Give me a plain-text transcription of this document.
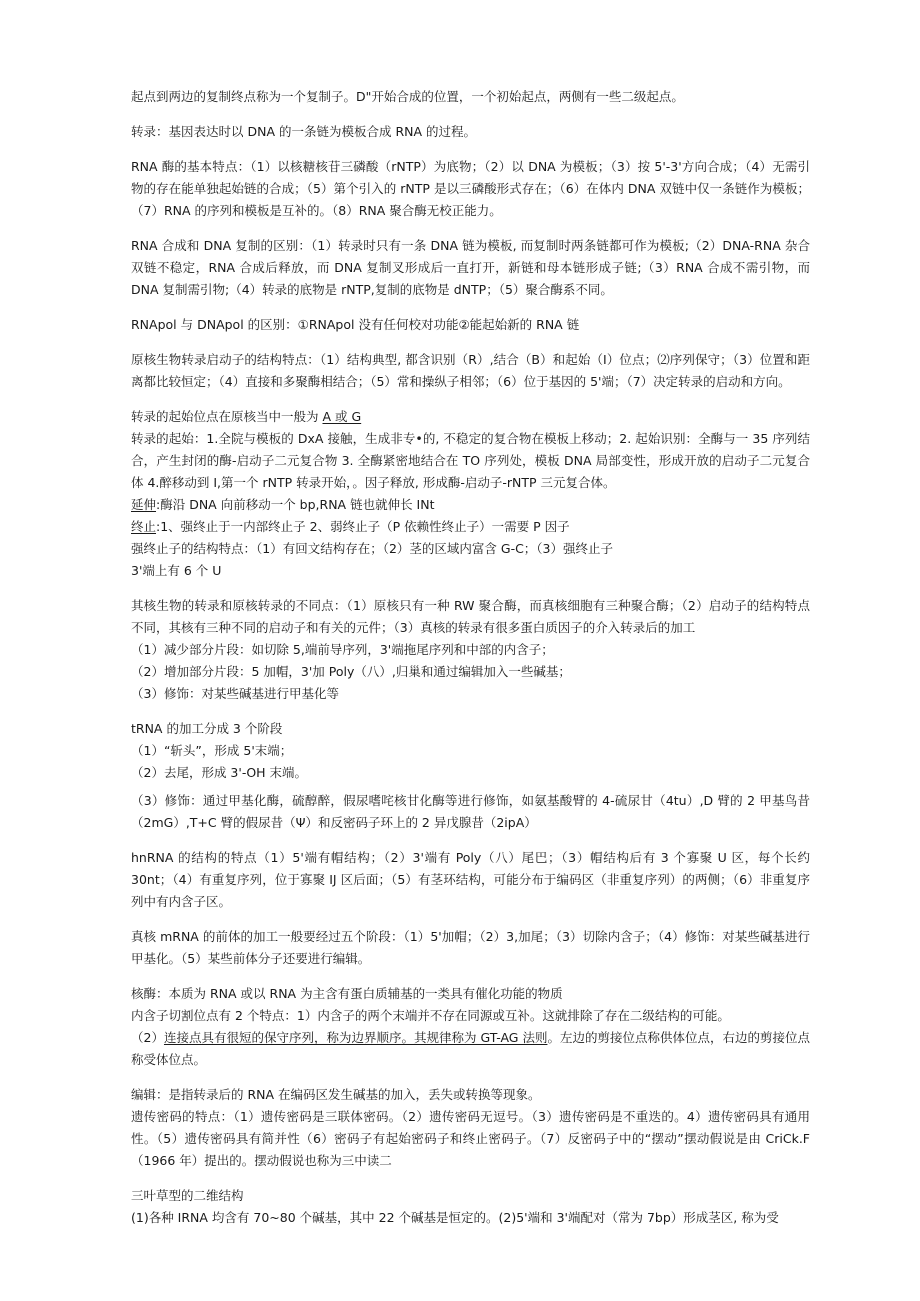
起点到两边的复制终点称为一个复制子。D"开始合成的位置，一个初始起点，两侧有一些二级起点。

转录：基因表达时以 DNA 的一条链为模板合成 RNA 的过程。

RNA 酶的基本特点：（1）以核糖核苷三磷酸（rNTP）为底物；（2）以 DNA 为模板；（3）按 5'-3'方向合成；（4）无需引物的存在能单独起始链的合成；（5）第个引入的 rNTP 是以三磷酸形式存在；（6）在体内 DNA 双链中仅一条链作为模板；（7）RNA 的序列和模板是互补的。（8）RNA 聚合酶无校正能力。

RNA 合成和 DNA 复制的区别：（1）转录时只有一条 DNA 链为模板, 而复制时两条链都可作为模板;（2）DNA-RNA 杂合双链不稳定，RNA 合成后释放，而 DNA 复制叉形成后一直打开，新链和母本链形成子链;（3）RNA 合成不需引物，而 DNA 复制需引物;（4）转录的底物是 rNTP,复制的底物是 dNTP；（5）聚合酶系不同。

RNApol 与 DNApol 的区别：①RNApol 没有任何校对功能②能起始新的 RNA 链

原核生物转录启动子的结构特点：（1）结构典型, 都含识别（R）,结合（B）和起始（I）位点；⑵序列保守；（3）位置和距离都比较恒定；（4）直接和多聚酶相结合；（5）常和操纵子相邻；（6）位于基因的 5'端；（7）决定转录的启动和方向。

转录的起始位点在原核当中一般为 A 或 G

转录的起始：1.全院与模板的 DxA 接触，生成非专•的, 不稳定的复合物在模板上移动；2. 起始识别：全酶与一 35 序列结合，产生封闭的酶-启动子二元复合物 3. 全酶紧密地结合在 TO 序列处，模板 DNA 局部变性，形成开放的启动子二元复合体 4.醉移动到 I,第一个 rNTP 转录开始，。因子释放, 形成酶-启动子-rNTP 三元复合体。

延伸:酶沿 DNA 向前移动一个 bp,RNA 链也就伸长 INt

终止:1、强终止于一内部终止子 2、弱终止子（P 依赖性终止子）一需要 P 因子

强终止子的结构特点：（1）有回文结构存在；（2）茎的区域内富含 G-C；（3）强终止子

3'端上有 6 个 U

其核生物的转录和原核转录的不同点：（1）原核只有一种 RW 聚合酶，而真核细胞有三种聚合酶；（2）启动子的结构特点不同，其核有三种不同的启动子和有关的元件；（3）真核的转录有很多蛋白质因子的介入转录后的加工

（1）减少部分片段：如切除 5,端前导序列，3'端拖尾序列和中部的内含子；

（2）增加部分片段：5 加帽，3'加 Poly（八）,归巢和通过编辑加入一些碱基；

（3）修饰：对某些碱基进行甲基化等

tRNA 的加工分成 3 个阶段

（1）“斩头”，形成 5'末端；

（2）去尾，形成 3'-OH 末端。

（3）修饰：通过甲基化酶，硫醇醉，假尿嗜咤核甘化酶等进行修饰，如氨基酸臂的 4-硫尿甘（4tu）,D 臂的 2 甲基鸟昔（2mG）,T+C 臂的假尿昔（Ψ）和反密码子环上的 2 异戊腺昔（2ipA）

hnRNA 的结构的特点（1）5'端有帽结构；（2）3'端有 Poly（八）尾巴；（3）帽结构后有 3 个寡聚 U 区，每个长约 30nt；（4）有重复序列，位于寡聚 IJ 区后面；（5）有茎环结构，可能分布于编码区（非重复序列）的两侧；（6）非重复序列中有内含子区。

真核 mRNA 的前体的加工一般要经过五个阶段：（1）5'加帽；（2）3,加尾；（3）切除内含子；（4）修饰：对某些碱基进行甲基化。（5）某些前体分子还要进行编辑。

核酶：本质为 RNA 或以 RNA 为主含有蛋白质辅基的一类具有催化功能的物质

内含子切割位点有 2 个特点：1）内含子的两个末端并不存在同源或互补。这就排除了存在二级结构的可能。

（2）连接点具有很短的保守序列，称为边界顺序。其规律称为 GT-AG 法则。左边的剪接位点称供体位点，右边的剪接位点称受体位点。

编辑：是指转录后的 RNA 在编码区发生碱基的加入，丢失或转换等现象。

遗传密码的特点：（1）遗传密码是三联体密码。（2）遗传密码无逗号。（3）遗传密码是不重迭的。4）遗传密码具有通用性。（5）遗传密码具有简并性（6）密码子有起始密码子和终止密码子。（7）反密码子中的“摆动”摆动假说是由 CriCk.F（1966 年）提出的。摆动假说也称为三中读二

三叶草型的二维结构

(1)各种 IRNA 均含有 70~80 个碱基，其中 22 个碱基是恒定的。(2)5'端和 3'端配对（常为 7bp）形成茎区, 称为受
